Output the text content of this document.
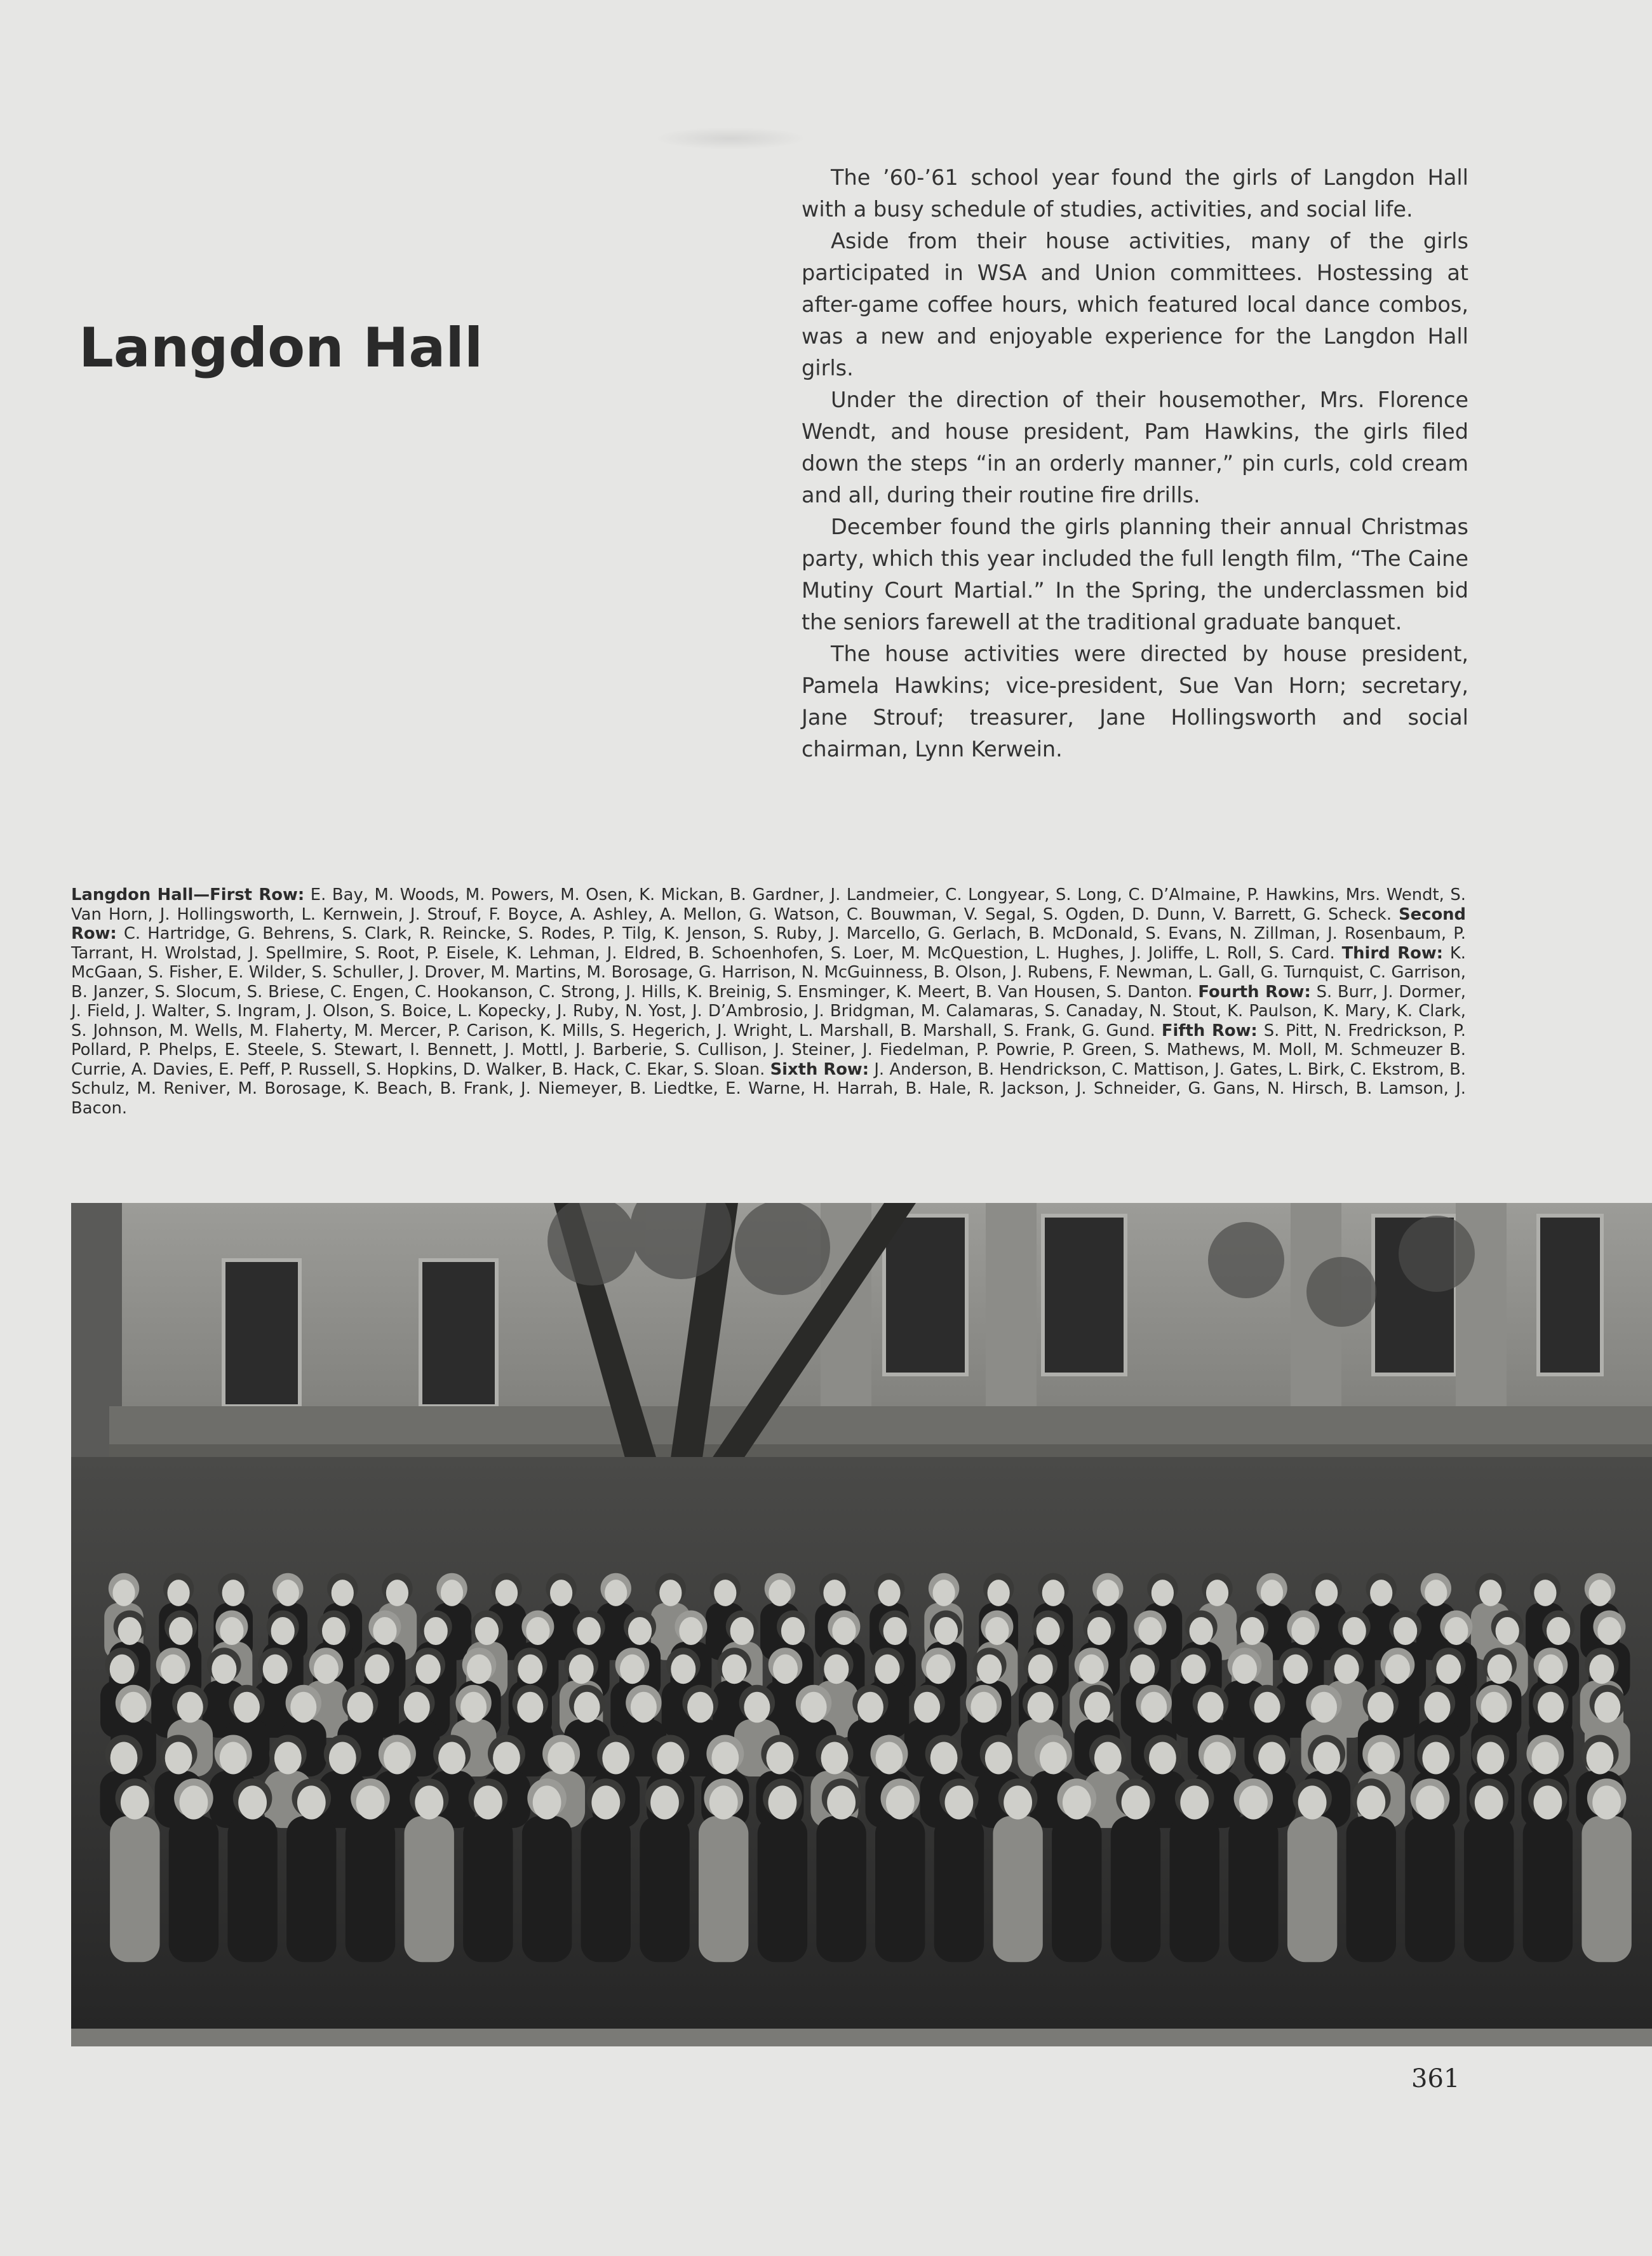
Langdon Hall

The ’60-’61 school year found the girls of Langdon Hall with a busy schedule of studies, activities, and social life.

Aside from their house activities, many of the girls participated in WSA and Union committees. Hostessing at after-game coffee hours, which featured local dance combos, was a new and enjoyable experience for the Langdon Hall girls.

Under the direction of their housemother, Mrs. Florence Wendt, and house president, Pam Hawkins, the girls filed down the steps “in an orderly manner,” pin curls, cold cream and all, during their routine fire drills.

December found the girls planning their annual Christmas party, which this year included the full length film, “The Caine Mutiny Court Martial.” In the Spring, the underclassmen bid the seniors farewell at the traditional graduate banquet.

The house activities were directed by house president, Pamela Hawkins; vice-president, Sue Van Horn; secretary, Jane Strouf; treasurer, Jane Hollingsworth and social chairman, Lynn Kerwein.

Langdon Hall—First Row: E. Bay, M. Woods, M. Powers, M. Osen, K. Mickan, B. Gardner, J. Landmeier, C. Longyear, S. Long, C. D’Almaine, P. Hawkins, Mrs. Wendt, S. Van Horn, J. Hollingsworth, L. Kernwein, J. Strouf, F. Boyce, A. Ashley, A. Mellon, G. Watson, C. Bouwman, V. Segal, S. Ogden, D. Dunn, V. Barrett, G. Scheck. Second Row: C. Hartridge, G. Behrens, S. Clark, R. Reincke, S. Rodes, P. Tilg, K. Jenson, S. Ruby, J. Marcello, G. Gerlach, B. McDonald, S. Evans, N. Zillman, J. Rosenbaum, P. Tarrant, H. Wrolstad, J. Spellmire, S. Root, P. Eisele, K. Lehman, J. Eldred, B. Schoenhofen, S. Loer, M. McQuestion, L. Hughes, J. Joliffe, L. Roll, S. Card. Third Row: K. McGaan, S. Fisher, E. Wilder, S. Schuller, J. Drover, M. Martins, M. Borosage, G. Harrison, N. McGuinness, B. Olson, J. Rubens, F. Newman, L. Gall, G. Turnquist, C. Garrison, B. Janzer, S. Slocum, S. Briese, C. Engen, C. Hookanson, C. Strong, J. Hills, K. Breinig, S. Ensminger, K. Meert, B. Van Housen, S. Danton. Fourth Row: S. Burr, J. Dormer, J. Field, J. Walter, S. Ingram, J. Olson, S. Boice, L. Kopecky, J. Ruby, N. Yost, J. D’Ambrosio, J. Bridgman, M. Calamaras, S. Canaday, N. Stout, K. Paulson, K. Mary, K. Clark, S. Johnson, M. Wells, M. Flaherty, M. Mercer, P. Carison, K. Mills, S. Hegerich, J. Wright, L. Marshall, B. Marshall, S. Frank, G. Gund. Fifth Row: S. Pitt, N. Fredrickson, P. Pollard, P. Phelps, E. Steele, S. Stewart, I. Bennett, J. Mottl, J. Barberie, S. Cullison, J. Steiner, J. Fiedelman, P. Powrie, P. Green, S. Mathews, M. Moll, M. Schmeuzer B. Currie, A. Davies, E. Peff, P. Russell, S. Hopkins, D. Walker, B. Hack, C. Ekar, S. Sloan. Sixth Row: J. Anderson, B. Hendrickson, C. Mattison, J. Gates, L. Birk, C. Ekstrom, B. Schulz, M. Reniver, M. Borosage, K. Beach, B. Frank, J. Niemeyer, B. Liedtke, E. Warne, H. Harrah, B. Hale, R. Jackson, J. Schneider, G. Gans, N. Hirsch, B. Lamson, J. Bacon.
361
